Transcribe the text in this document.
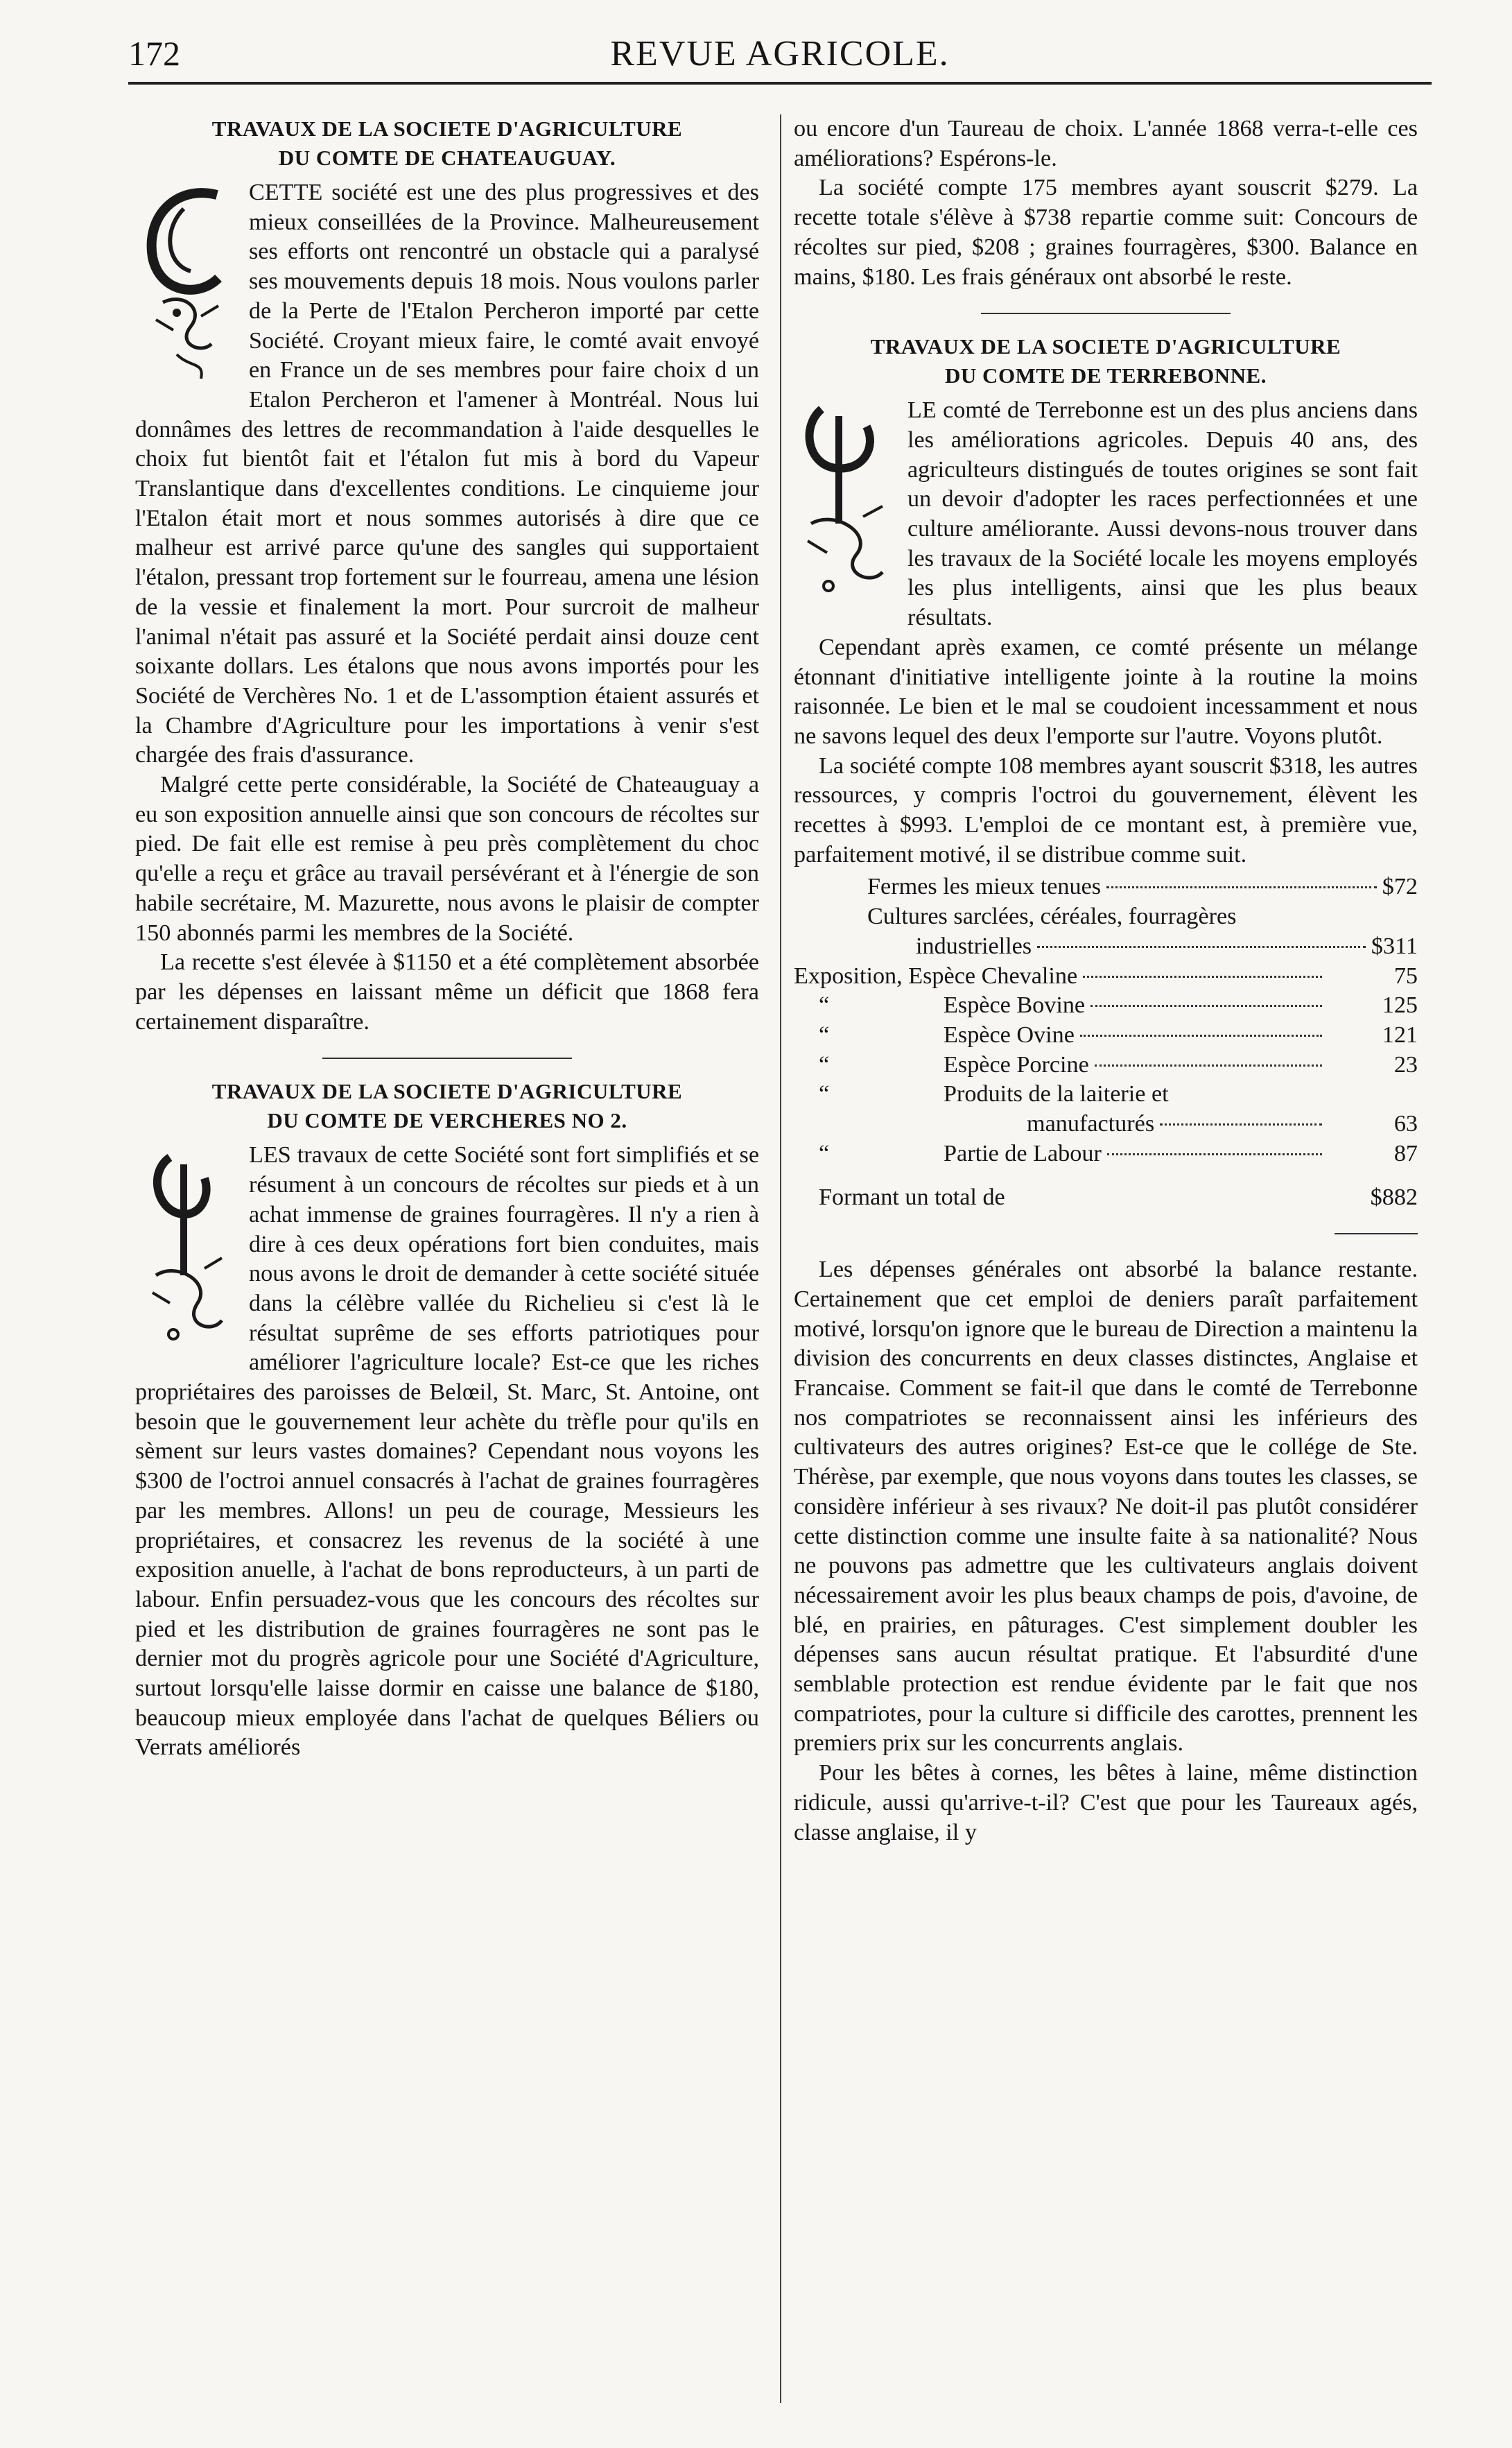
172	REVUE AGRICOLE.
TRAVAUX DE LA SOCIETE D'AGRICULTURE
DU COMTE DE CHATEAUGUAY.

CETTE société est une des plus progressives et des mieux conseillées de la Province. Malheureusement ses efforts ont rencontré un obstacle qui a paralysé ses mouvements depuis 18 mois. Nous voulons parler de la Perte de l'Etalon Percheron importé par cette Société. Croyant mieux faire, le comté avait envoyé en France un de ses membres pour faire choix d un Etalon Percheron et l'amener à Montréal. Nous lui donnâmes des lettres de recommandation à l'aide desquelles le choix fut bientôt fait et l'étalon fut mis à bord du Vapeur Translantique dans d'excellentes conditions. Le cinquieme jour l'Etalon était mort et nous sommes autorisés à dire que ce malheur est arrivé parce qu'une des sangles qui supportaient l'étalon, pressant trop fortement sur le fourreau, amena une lésion de la vessie et finalement la mort. Pour surcroit de malheur l'animal n'était pas assuré et la Société perdait ainsi douze cent soixante dollars. Les étalons que nous avons importés pour les Société de Verchères No. 1 et de L'assomption étaient assurés et la Chambre d'Agriculture pour les importations à venir s'est chargée des frais d'assurance.

Malgré cette perte considérable, la Société de Chateauguay a eu son exposition annuelle ainsi que son concours de récoltes sur pied. De fait elle est remise à peu près complètement du choc qu'elle a reçu et grâce au travail persévérant et à l'énergie de son habile secrétaire, M. Mazurette, nous avons le plaisir de compter 150 abonnés parmi les membres de la Société.

La recette s'est élevée à $1150 et a été complètement absorbée par les dépenses en laissant même un déficit que 1868 fera certainement disparaître.

TRAVAUX DE LA SOCIETE D'AGRICULTURE
DU COMTE DE VERCHERES NO 2.

LES travaux de cette Société sont fort simplifiés et se résument à un concours de récoltes sur pieds et à un achat immense de graines fourragères. Il n'y a rien à dire à ces deux opérations fort bien conduites, mais nous avons le droit de demander à cette société située dans la célèbre vallée du Richelieu si c'est là le résultat suprême de ses efforts patriotiques pour améliorer l'agriculture locale? Est-ce que les riches propriétaires des paroisses de Belœil, St. Marc, St. Antoine, ont besoin que le gouvernement leur achète du trèfle pour qu'ils en sèment sur leurs vastes domaines? Cependant nous voyons les $300 de l'octroi annuel consacrés à l'achat de graines fourragères par les membres. Allons! un peu de courage, Messieurs les propriétaires, et consacrez les revenus de la société à une exposition anuelle, à l'achat de bons reproducteurs, à un parti de labour. Enfin persuadez-vous que les concours des récoltes sur pied et les distribution de graines fourragères ne sont pas le dernier mot du progrès agricole pour une Société d'Agriculture, surtout lorsqu'elle laisse dormir en caisse une balance de $180, beaucoup mieux employée dans l'achat de quelques Béliers ou Verrats améliorés

ou encore d'un Taureau de choix. L'année 1868 verra-t-elle ces améliorations? Espérons-le.

La société compte 175 membres ayant souscrit $279. La recette totale s'élève à $738 repartie comme suit: Concours de récoltes sur pied, $208 ; graines fourragères, $300. Balance en mains, $180. Les frais généraux ont absorbé le reste.

TRAVAUX DE LA SOCIETE D'AGRICULTURE
DU COMTE DE TERREBONNE.

LE comté de Terrebonne est un des plus anciens dans les améliorations agricoles. Depuis 40 ans, des agriculteurs distingués de toutes origines se sont fait un devoir d'adopter les races perfectionnées et une culture améliorante. Aussi devons-nous trouver dans les travaux de la Société locale les moyens employés les plus intelligents, ainsi que les plus beaux résultats.

Cependant après examen, ce comté présente un mélange étonnant d'initiative intelligente jointe à la routine la moins raisonnée. Le bien et le mal se coudoient incessamment et nous ne savons lequel des deux l'emporte sur l'autre. Voyons plutôt.

La société compte 108 membres ayant souscrit $318, les autres ressources, y compris l'octroi du gouvernement, élèvent les recettes à $993. L'emploi de ce montant est, à première vue, parfaitement motivé, il se distribue comme suit.

Fermes les mieux tenues	$72
Cultures sarclées, céréales, fourragères
industrielles	$311
Exposition, Espèce Chevaline	75
“	Espèce Bovine	125
“	Espèce Ovine	121
“	Espèce Porcine	23
“	Produits de la laiterie et
manufacturés	63
“	Partie de Labour	87
Formant un total de	$882

Les dépenses générales ont absorbé la balance restante. Certainement que cet emploi de deniers paraît parfaitement motivé, lorsqu'on ignore que le bureau de Direction a maintenu la division des concurrents en deux classes distinctes, Anglaise et Francaise. Comment se fait-il que dans le comté de Terrebonne nos compatriotes se reconnaissent ainsi les inférieurs des cultivateurs des autres origines? Est-ce que le collége de Ste. Thérèse, par exemple, que nous voyons dans toutes les classes, se considère inférieur à ses rivaux? Ne doit-il pas plutôt considérer cette distinction comme une insulte faite à sa nationalité? Nous ne pouvons pas admettre que les cultivateurs anglais doivent nécessairement avoir les plus beaux champs de pois, d'avoine, de blé, en prairies, en pâturages. C'est simplement doubler les dépenses sans aucun résultat pratique. Et l'absurdité d'une semblable protection est rendue évidente par le fait que nos compatriotes, pour la culture si difficile des carottes, prennent les premiers prix sur les concurrents anglais.

Pour les bêtes à cornes, les bêtes à laine, même distinction ridicule, aussi qu'arrive-t-il? C'est que pour les Taureaux agés, classe anglaise, il y
